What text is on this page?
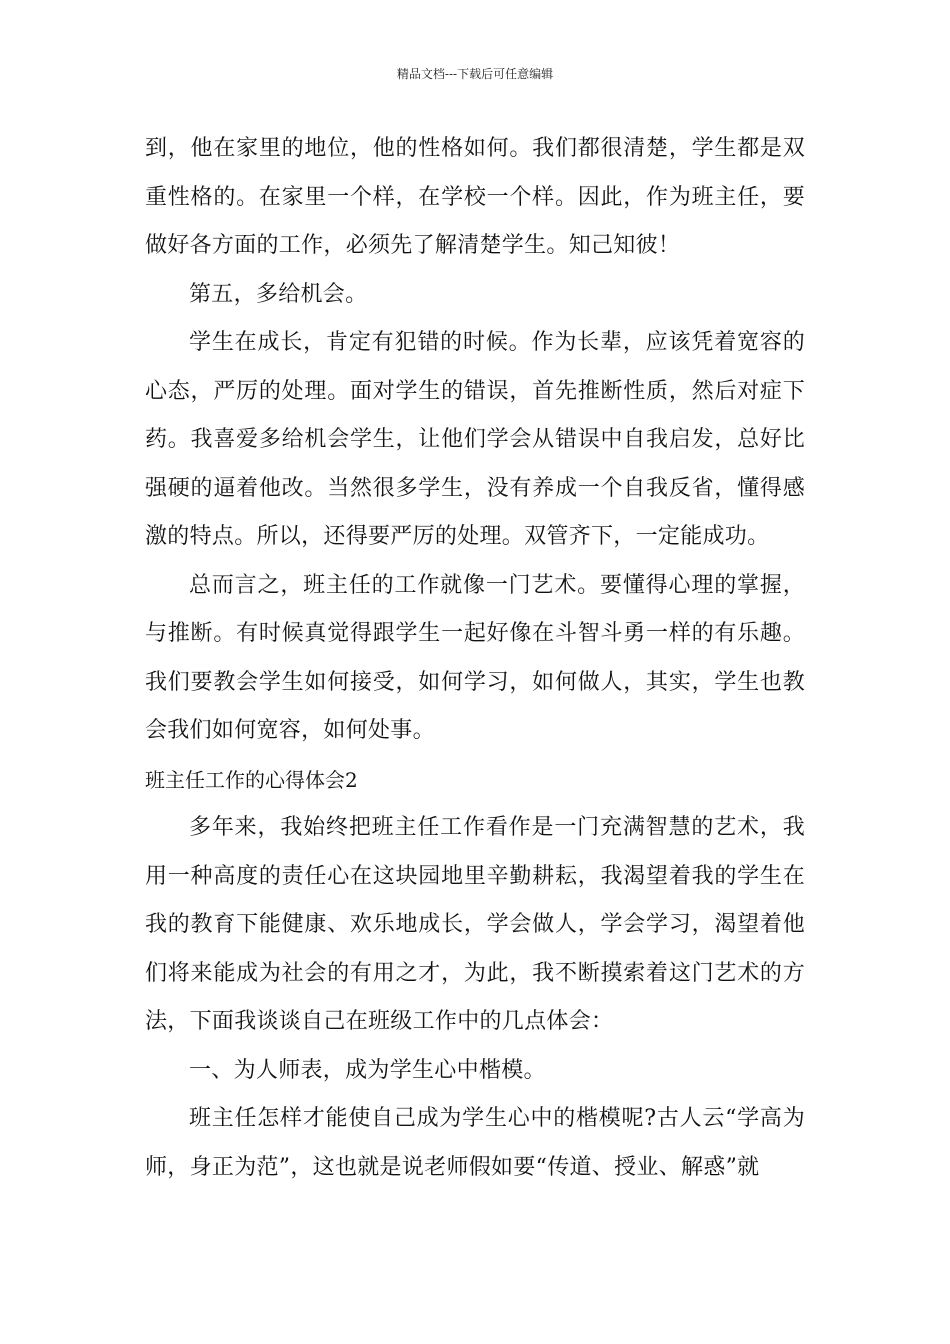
精品文档---下载后可任意编辑

到，他在家里的地位，他的性格如何。我们都很清楚，学生都是双重性格的。在家里一个样，在学校一个样。因此，作为班主任，要做好各方面的工作，必须先了解清楚学生。知己知彼！

第五，多给机会。

学生在成长，肯定有犯错的时候。作为长辈，应该凭着宽容的心态，严厉的处理。面对学生的错误，首先推断性质，然后对症下药。我喜爱多给机会学生，让他们学会从错误中自我启发，总好比强硬的逼着他改。当然很多学生，没有养成一个自我反省，懂得感激的特点。所以，还得要严厉的处理。双管齐下，一定能成功。

总而言之，班主任的工作就像一门艺术。要懂得心理的掌握，与推断。有时候真觉得跟学生一起好像在斗智斗勇一样的有乐趣。我们要教会学生如何接受，如何学习，如何做人，其实，学生也教会我们如何宽容，如何处事。

班主任工作的心得体会2

多年来，我始终把班主任工作看作是一门充满智慧的艺术，我用一种高度的责任心在这块园地里辛勤耕耘，我渴望着我的学生在我的教育下能健康、欢乐地成长，学会做人，学会学习，渴望着他们将来能成为社会的有用之才，为此，我不断摸索着这门艺术的方法，下面我谈谈自己在班级工作中的几点体会：

一、为人师表，成为学生心中楷模。

班主任怎样才能使自己成为学生心中的楷模呢?古人云“学高为师，身正为范”，这也就是说老师假如要“传道、授业、解惑”就
